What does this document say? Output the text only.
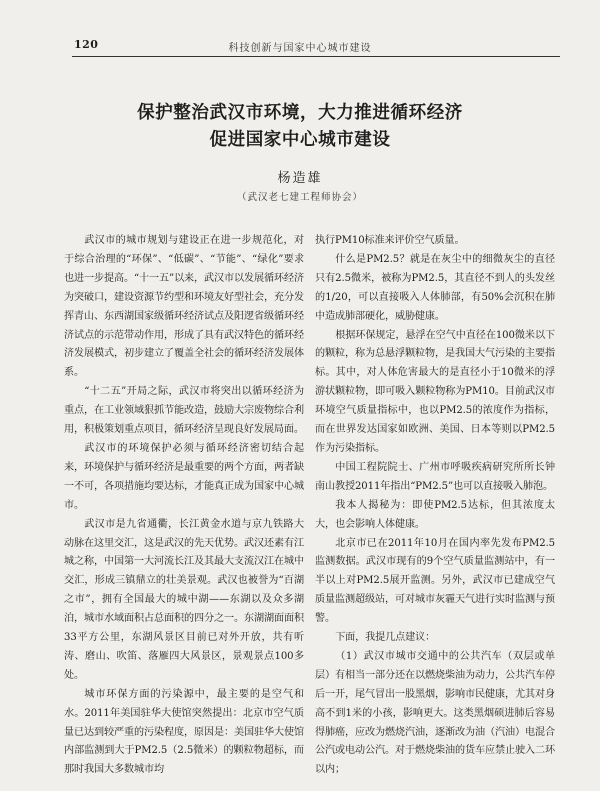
120	科技创新与国家中心城市建设
保护整治武汉市环境，大力推进循环经济
促进国家中心城市建设
杨造雄
（武汉老七建工程师协会）

武汉市的城市规划与建设正在进一步规范化，对于综合治理的“环保”、“低碳”、“节能”、“绿化”要求也进一步提高。“十一五”以来，武汉市以发展循环经济为突破口，建设资源节约型和环境友好型社会，充分发挥青山、东西湖国家级循环经济试点及阳逻省级循环经济试点的示范带动作用，形成了具有武汉特色的循环经济发展模式，初步建立了覆盖全社会的循环经济发展体系。

“十二五”开局之际，武汉市将突出以循环经济为重点，在工业领域狠抓节能改造，鼓励大宗废物综合利用，积极策划重点项目，循环经济呈现良好发展局面。

武汉市的环境保护必须与循环经济密切结合起来，环境保护与循环经济是最重要的两个方面，两者缺一不可，各项措施均要达标，才能真正成为国家中心城市。

武汉市是九省通衢，长江黄金水道与京九铁路大动脉在这里交汇，这是武汉的先天优势。武汉还素有江城之称，中国第一大河流长江及其最大支流汉江在城中交汇，形成三镇鼎立的壮美景观。武汉也被誉为“百湖之市”，拥有全国最大的城中湖——东湖以及众多湖泊，城市水域面积占总面积的四分之一。东湖湖面面积33平方公里，东湖风景区目前已对外开放，共有听涛、磨山、吹笛、落雁四大风景区，景观景点100多处。

城市环保方面的污染源中，最主要的是空气和水。2011年美国驻华大使馆突然提出：北京市空气质量已达到较严重的污染程度，原因是：美国驻华大使馆内部监测到大于PM2.5（2.5微米）的颗粒物超标，而那时我国大多数城市均

执行PM10标准来评价空气质量。

什么是PM2.5？就是在灰尘中的细微灰尘的直径只有2.5微米，被称为PM2.5，其直径不到人的头发丝的1/20，可以直接吸入人体肺部，有50%会沉积在肺中造成肺部硬化，威胁健康。

根据环保规定，悬浮在空气中直径在100微米以下的颗粒，称为总悬浮颗粒物，是我国大气污染的主要指标。其中，对人体危害最大的是直径小于10微米的浮游状颗粒物，即可吸入颗粒物称为PM10。目前武汉市环境空气质量指标中，也以PM2.5的浓度作为指标，而在世界发达国家如欧洲、美国、日本等则以PM2.5作为污染指标。

中国工程院院士、广州市呼吸疾病研究所所长钟南山教授2011年指出“PM2.5”也可以直接吸入肺泡。

我本人揭秘为：即使PM2.5达标，但其浓度太大，也会影响人体健康。

北京市已在2011年10月在国内率先发布PM2.5监测数据。武汉市现有的9个空气质量监测站中，有一半以上对PM2.5展开监测。另外，武汉市已建成空气质量监测超级站，可对城市灰霾天气进行实时监测与预警。

下面，我提几点建议：

（1）武汉市城市交通中的公共汽车（双层或单层）有相当一部分还在以燃烧柴油为动力，公共汽车停后一开，尾气冒出一股黑烟，影响市民健康，尤其对身高不到1米的小孩，影响更大。这类黑烟硕进肺后容易得肺癌，应改为燃烧汽油，逐渐改为油（汽油）电混合公汽或电动公汽。对于燃烧柴油的货车应禁止驶入二环以内；
